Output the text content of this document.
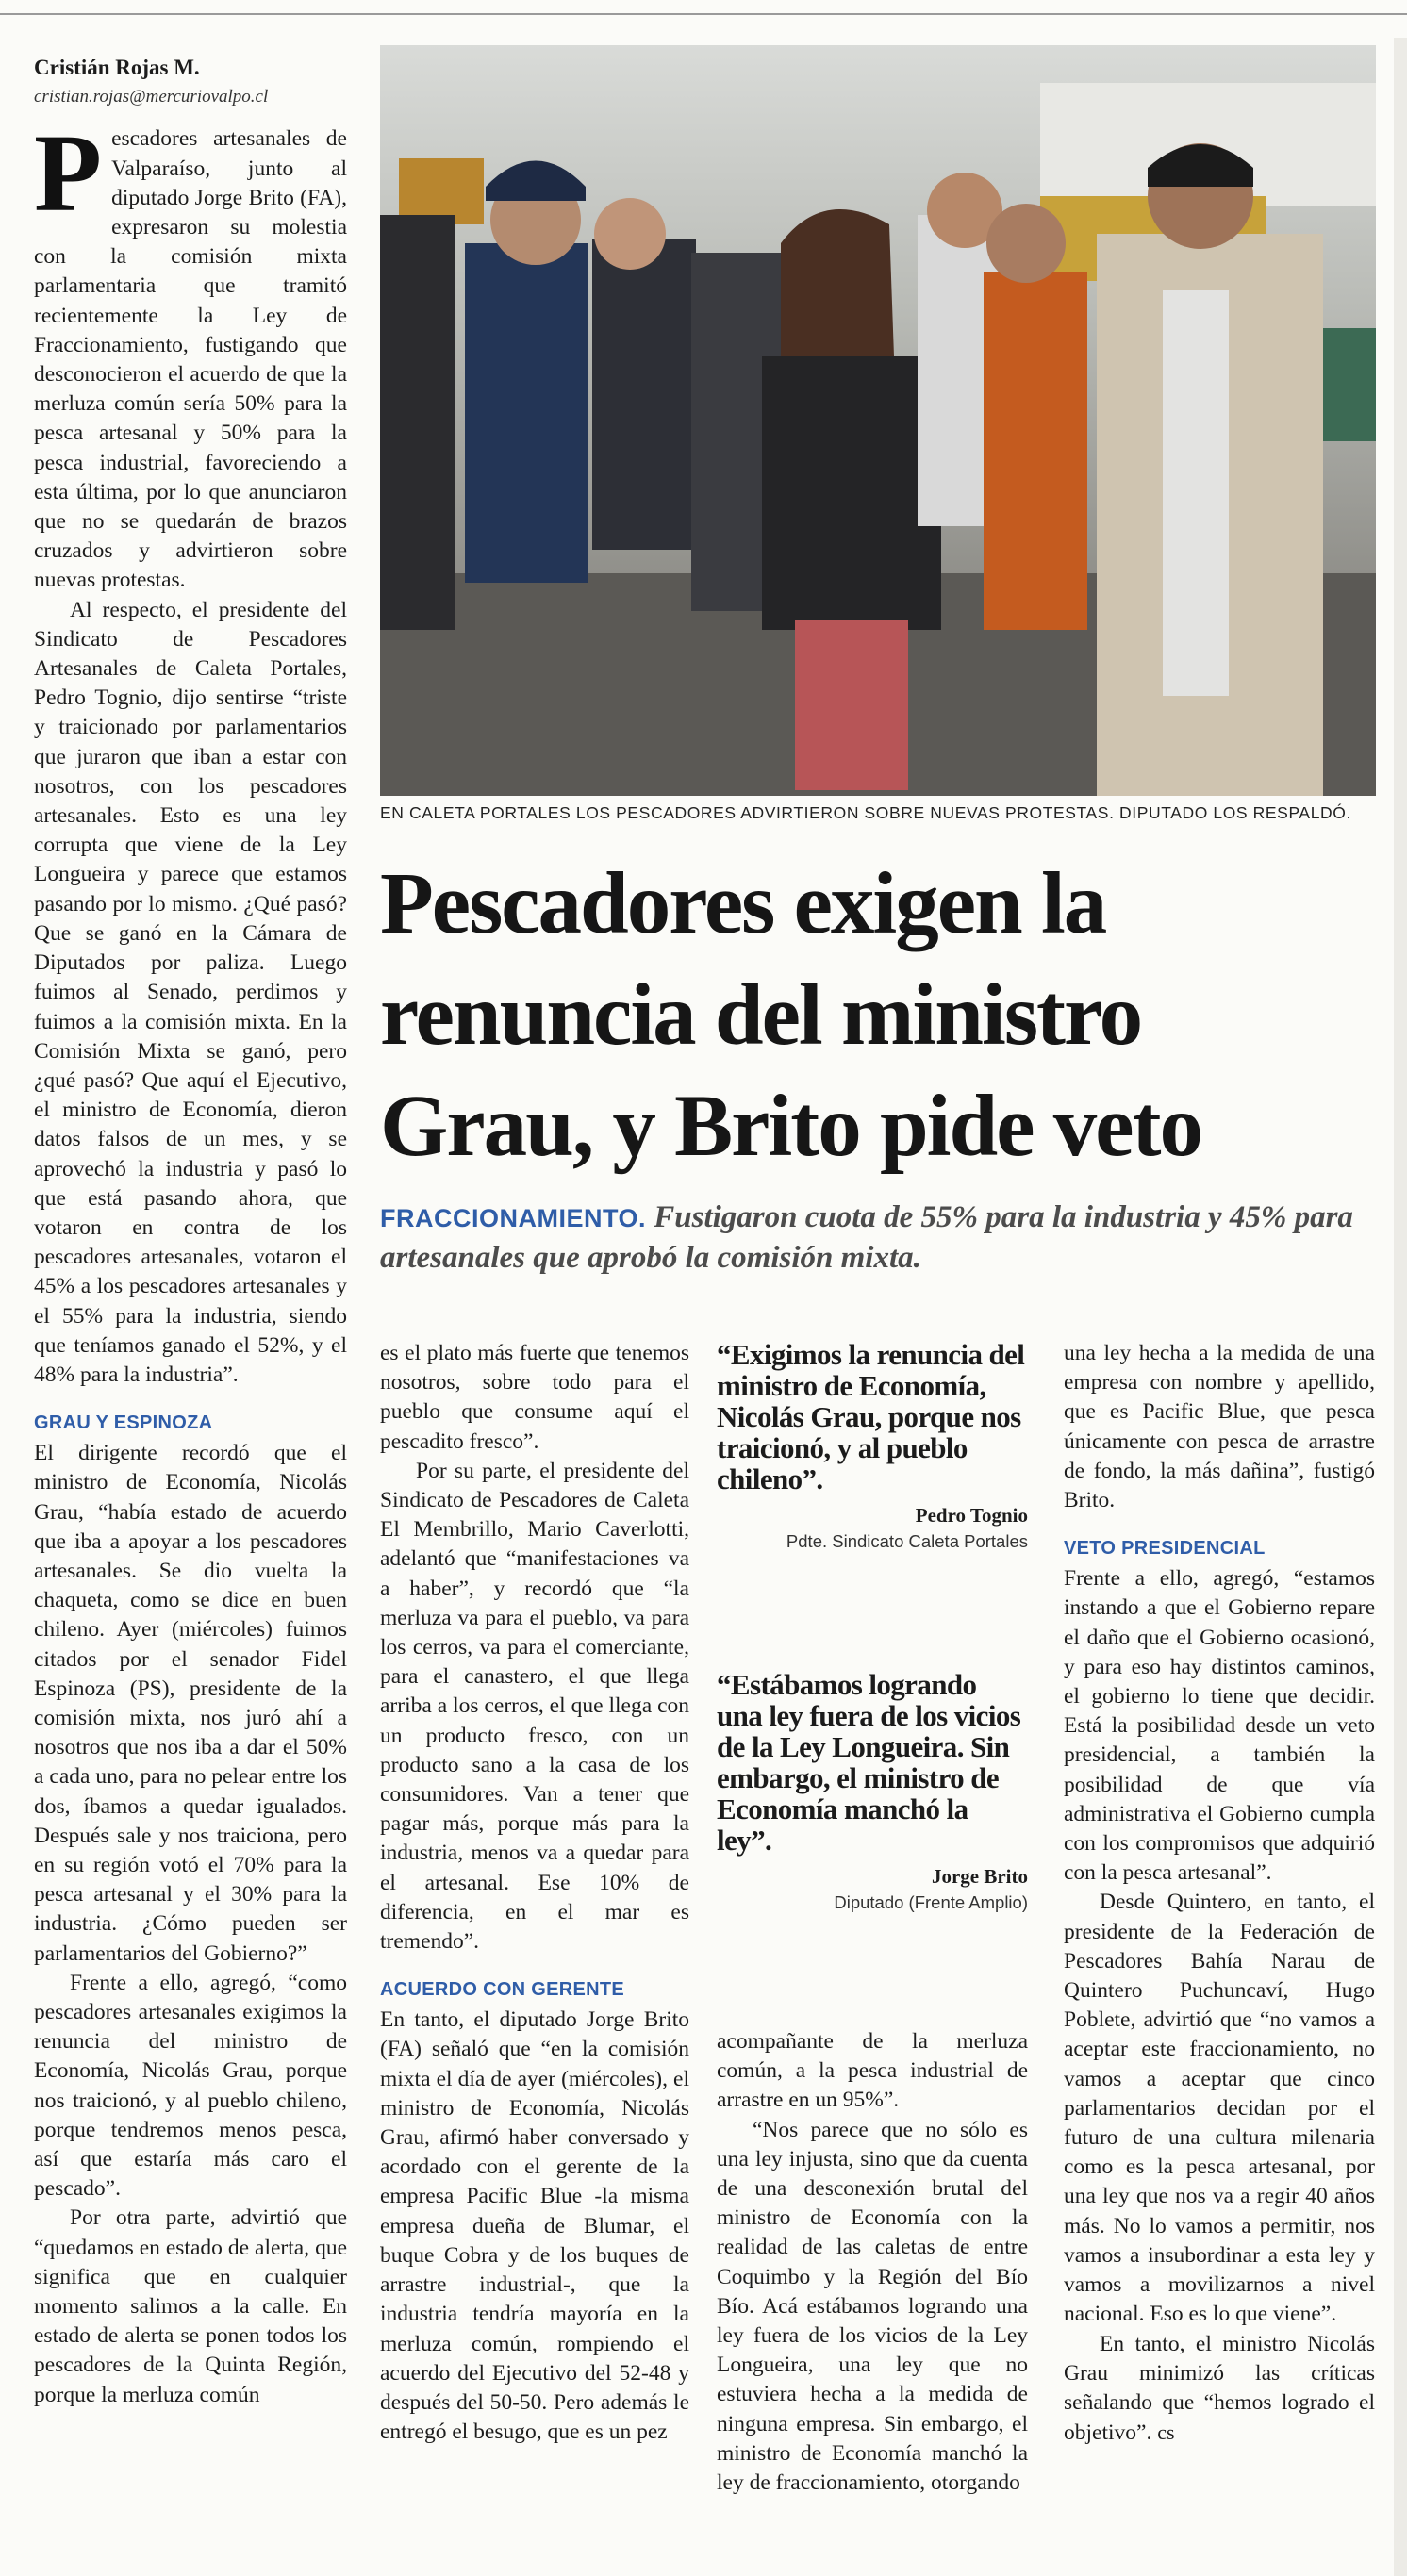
Cristián Rojas M.
cristian.rojas@mercuriovalpo.cl

Pescadores artesanales de Valparaíso, junto al diputado Jorge Brito (FA), expresaron su molestia con la comisión mixta parlamentaria que tramitó recientemente la Ley de Fraccionamiento, fustigando que desconocieron el acuerdo de que la merluza común sería 50% para la pesca artesanal y 50% para la pesca industrial, favoreciendo a esta última, por lo que anunciaron que no se quedarán de brazos cruzados y advirtieron sobre nuevas protestas.

Al respecto, el presidente del Sindicato de Pescadores Artesanales de Caleta Portales, Pedro Tognio, dijo sentirse “triste y traicionado por parlamentarios que juraron que iban a estar con nosotros, con los pescadores artesanales. Esto es una ley corrupta que viene de la Ley Longueira y parece que estamos pasando por lo mismo. ¿Qué pasó? Que se ganó en la Cámara de Diputados por paliza. Luego fuimos al Senado, perdimos y fuimos a la comisión mixta. En la Comisión Mixta se ganó, pero ¿qué pasó? Que aquí el Ejecutivo, el ministro de Economía, dieron datos falsos de un mes, y se aprovechó la industria y pasó lo que está pasando ahora, que votaron en contra de los pescadores artesanales, votaron el 45% a los pescadores artesanales y el 55% para la industria, siendo que teníamos ganado el 52%, y el 48% para la industria”.

GRAU Y ESPINOZA

El dirigente recordó que el ministro de Economía, Nicolás Grau, “había estado de acuerdo que iba a apoyar a los pescadores artesanales. Se dio vuelta la chaqueta, como se dice en buen chileno. Ayer (miércoles) fuimos citados por el senador Fidel Espinoza (PS), presidente de la comisión mixta, nos juró ahí a nosotros que nos iba a dar el 50% a cada uno, para no pelear entre los dos, íbamos a quedar igualados. Después sale y nos traiciona, pero en su región votó el 70% para la pesca artesanal y el 30% para la industria. ¿Cómo pueden ser parlamentarios del Gobierno?”

Frente a ello, agregó, “como pescadores artesanales exigimos la renuncia del ministro de Economía, Nicolás Grau, porque nos traicionó, y al pueblo chileno, porque tendremos menos pesca, así que estaría más caro el pescado”.

Por otra parte, advirtió que “quedamos en estado de alerta, que significa que en cualquier momento salimos a la calle. En estado de alerta se ponen todos los pescadores de la Quinta Región, porque la merluza común

EN CALETA PORTALES LOS PESCADORES ADVIRTIERON SOBRE NUEVAS PROTESTAS. DIPUTADO LOS RESPALDÓ.
Pescadores exigen la
renuncia del ministro
Grau, y Brito pide veto
FRACCIONAMIENTO. Fustigaron cuota de 55% para la industria y 45% para artesanales que aprobó la comisión mixta.

es el plato más fuerte que tenemos nosotros, sobre todo para el pueblo que consume aquí el pescadito fresco”.

Por su parte, el presidente del Sindicato de Pescadores de Caleta El Membrillo, Mario Caverlotti, adelantó que “manifestaciones va a haber”, y recordó que “la merluza va para el pueblo, va para los cerros, va para el comerciante, para el canastero, el que llega arriba a los cerros, el que llega con un producto fresco, con un producto sano a la casa de los consumidores. Van a tener que pagar más, porque más para la industria, menos va a quedar para el artesanal. Ese 10% de diferencia, en el mar es tremendo”.

ACUERDO CON GERENTE

En tanto, el diputado Jorge Brito (FA) señaló que “en la comisión mixta el día de ayer (miércoles), el ministro de Economía, Nicolás Grau, afirmó haber conversado y acordado con el gerente de la empresa Pacific Blue -la misma empresa dueña de Blumar, el buque Cobra y de los buques de arrastre industrial-, que la industria tendría mayoría en la merluza común, rompiendo el acuerdo del Ejecutivo del 52-48 y después del 50-50. Pero además le entregó el besugo, que es un pez

“Exigimos la renuncia del ministro de Economía, Nicolás Grau, porque nos traicionó, y al pueblo chileno”.
Pedro Tognio
Pdte. Sindicato Caleta Portales
“Estábamos logrando una ley fuera de los vicios de la Ley Longueira. Sin embargo, el ministro de Economía manchó la ley”.
Jorge Brito
Diputado (Frente Amplio)

acompañante de la merluza común, a la pesca industrial de arrastre en un 95%”.

“Nos parece que no sólo es una ley injusta, sino que da cuenta de una desconexión brutal del ministro de Economía con la realidad de las caletas de entre Coquimbo y la Región del Bío Bío. Acá estábamos logrando una ley fuera de los vicios de la Ley Longueira, una ley que no estuviera hecha a la medida de ninguna empresa. Sin embargo, el ministro de Economía manchó la ley de fraccionamiento, otorgando

una ley hecha a la medida de una empresa con nombre y apellido, que es Pacific Blue, que pesca únicamente con pesca de arrastre de fondo, la más dañina”, fustigó Brito.

VETO PRESIDENCIAL

Frente a ello, agregó, “estamos instando a que el Gobierno repare el daño que el Gobierno ocasionó, y para eso hay distintos caminos, el gobierno lo tiene que decidir. Está la posibilidad desde un veto presidencial, a también la posibilidad de que vía administrativa el Gobierno cumpla con los compromisos que adquirió con la pesca artesanal”.

Desde Quintero, en tanto, el presidente de la Federación de Pescadores Bahía Narau de Quintero Puchuncaví, Hugo Poblete, advirtió que “no vamos a aceptar este fraccionamiento, no vamos a aceptar que cinco parlamentarios decidan por el futuro de una cultura milenaria como es la pesca artesanal, por una ley que nos va a regir 40 años más. No lo vamos a permitir, nos vamos a insubordinar a esta ley y vamos a movilizarnos a nivel nacional. Eso es lo que viene”.

En tanto, el ministro Nicolás Grau minimizó las críticas señalando que “hemos logrado el objetivo”. cs
